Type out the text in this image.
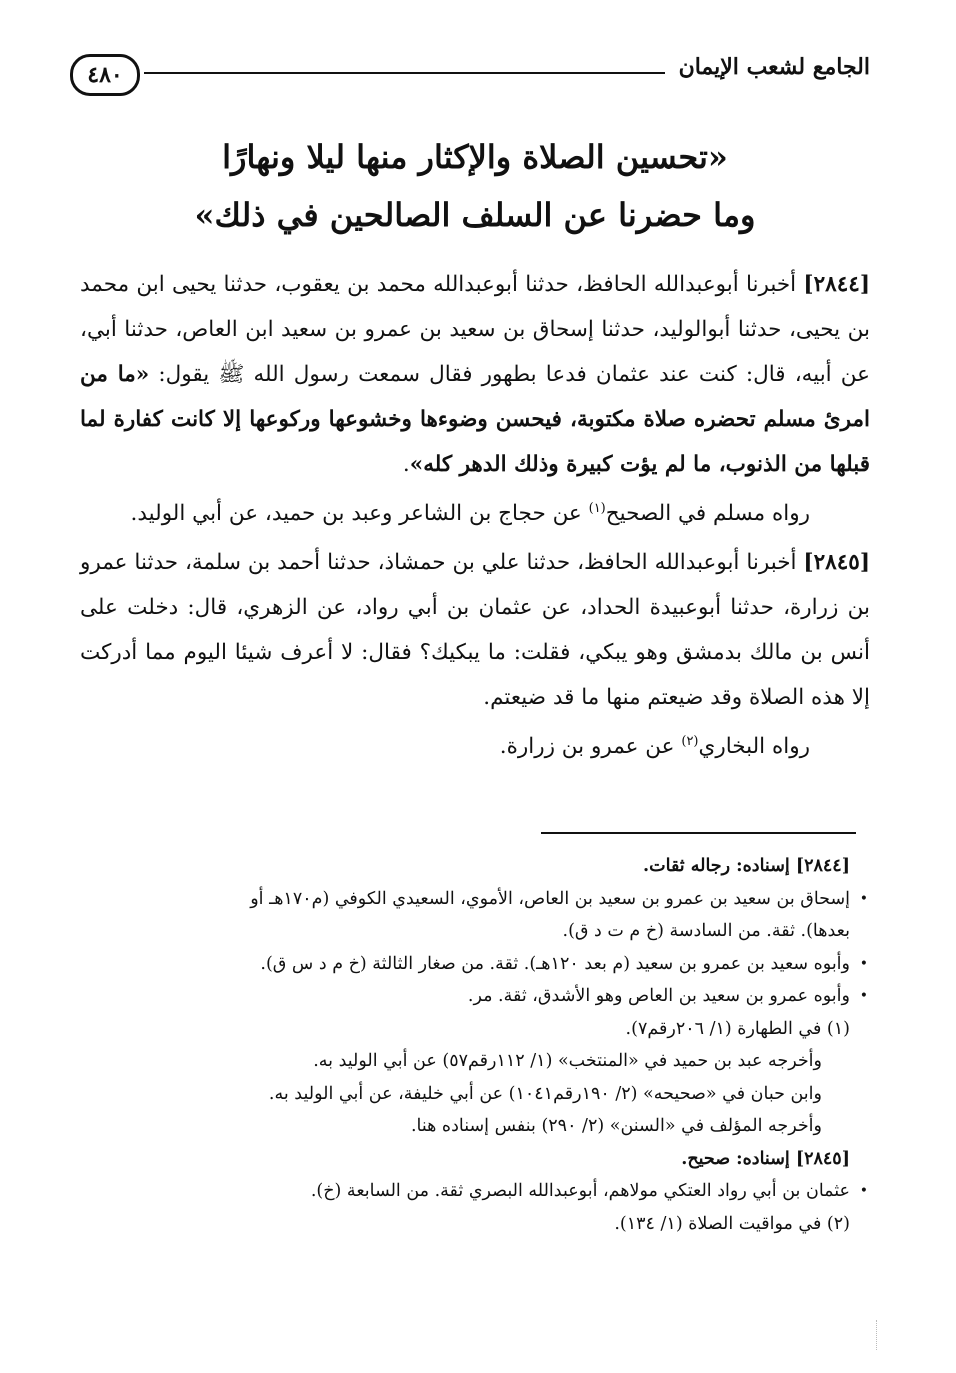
الجامع لشعب الإيمان
٤٨٠
«تحسين الصلاة والإكثار منها ليلا ونهارًا
وما حضرنا عن السلف الصالحين في ذلك»

[٢٨٤٤] أخبرنا أبوعبدالله الحافظ، حدثنا أبوعبدالله محمد بن يعقوب، حدثنا يحيى ابن محمد بن يحيى، حدثنا أبوالوليد، حدثنا إسحاق بن سعيد بن عمرو بن سعيد ابن العاص، حدثنا أبي، عن أبيه، قال: كنت عند عثمان فدعا بطهور فقال سمعت رسول الله ﷺ يقول: «ما من امرئ مسلم تحضره صلاة مكتوبة، فيحسن وضوءها وخشوعها وركوعها إلا كانت كفارة لما قبلها من الذنوب، ما لم يؤت كبيرة وذلك الدهر كله».

رواه مسلم في الصحيح$^{(١)}$ عن حجاج بن الشاعر وعبد بن حميد، عن أبي الوليد.

[٢٨٤٥] أخبرنا أبوعبدالله الحافظ، حدثنا علي بن حمشاذ، حدثنا أحمد بن سلمة، حدثنا عمرو بن زرارة، حدثنا أبوعبيدة الحداد، عن عثمان بن أبي رواد، عن الزهري، قال: دخلت على أنس بن مالك بدمشق وهو يبكي، فقلت: ما يبكيك؟ فقال: لا أعرف شيئا اليوم مما أدركت إلا هذه الصلاة وقد ضيعتم منها ما قد ضيعتم.

رواه البخاري$^{(٢)}$ عن عمرو بن زرارة.

[٢٨٤٤] إسناده: رجاله ثقات.

•
إسحاق بن سعيد بن عمرو بن سعيد بن العاص، الأموي، السعيدي الكوفي (م١٧٠هـ أو

بعدها). ثقة. من السادسة (خ م ت د ق).

•
وأبوه سعيد بن عمرو بن سعيد (م بعد ١٢٠هـ). ثقة. من صغار الثالثة (خ م د س ق).

•
وأبوه عمرو بن سعيد بن العاص وهو الأشدق، ثقة. مر.

(١) في الطهارة (١/ ٢٠٦رقم٧).

وأخرجه عبد بن حميد في «المنتخب» (١/ ١١٢رقم٥٧) عن أبي الوليد به.

وابن حبان في «صحيحه» (٢/ ١٩٠رقم١٠٤١) عن أبي خليفة، عن أبي الوليد به.

وأخرجه المؤلف في «السنن» (٢/ ٢٩٠) بنفس إسناده هنا.

[٢٨٤٥] إسناده: صحيح.

•
عثمان بن أبي رواد العتكي مولاهم، أبوعبدالله البصري ثقة. من السابعة (خ).

(٢) في مواقيت الصلاة (١/ ١٣٤).
